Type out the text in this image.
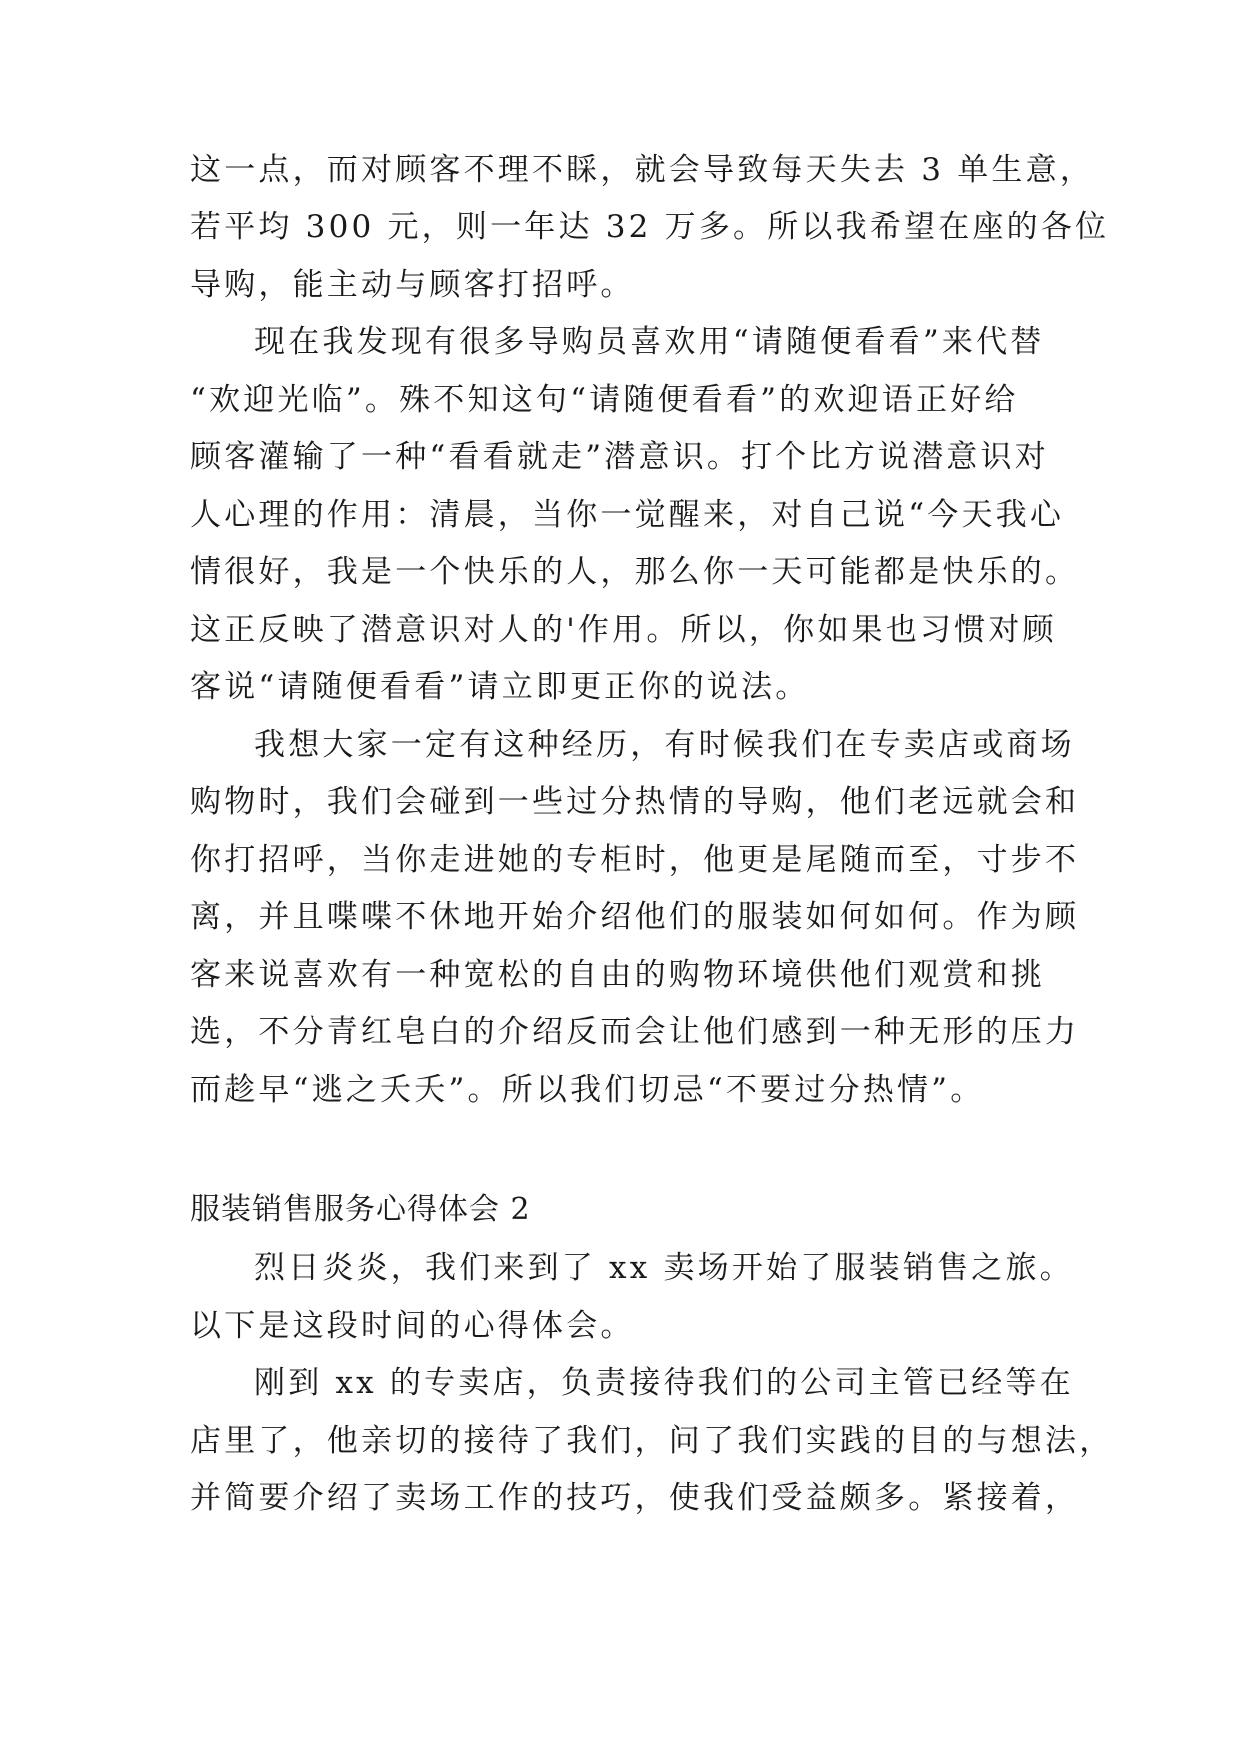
这一点，而对顾客不理不睬，就会导致每天失去 3 单生意，
若平均 300 元，则一年达 32 万多。所以我希望在座的各位
导购，能主动与顾客打招呼。
现在我发现有很多导购员喜欢用“请随便看看”来代替
“欢迎光临”。殊不知这句“请随便看看”的欢迎语正好给
顾客灌输了一种“看看就走”潜意识。打个比方说潜意识对
人心理的作用：清晨，当你一觉醒来，对自己说“今天我心
情很好，我是一个快乐的人，那么你一天可能都是快乐的。
这正反映了潜意识对人的'作用。所以，你如果也习惯对顾
客说“请随便看看”请立即更正你的说法。
我想大家一定有这种经历，有时候我们在专卖店或商场
购物时，我们会碰到一些过分热情的导购，他们老远就会和
你打招呼，当你走进她的专柜时，他更是尾随而至，寸步不
离，并且喋喋不休地开始介绍他们的服装如何如何。作为顾
客来说喜欢有一种宽松的自由的购物环境供他们观赏和挑
选，不分青红皂白的介绍反而会让他们感到一种无形的压力
而趁早“逃之夭夭”。所以我们切忌“不要过分热情”。
服装销售服务心得体会 2
烈日炎炎，我们来到了 xx 卖场开始了服装销售之旅。
以下是这段时间的心得体会。
刚到 xx 的专卖店，负责接待我们的公司主管已经等在
店里了，他亲切的接待了我们，问了我们实践的目的与想法，
并简要介绍了卖场工作的技巧，使我们受益颇多。紧接着，
